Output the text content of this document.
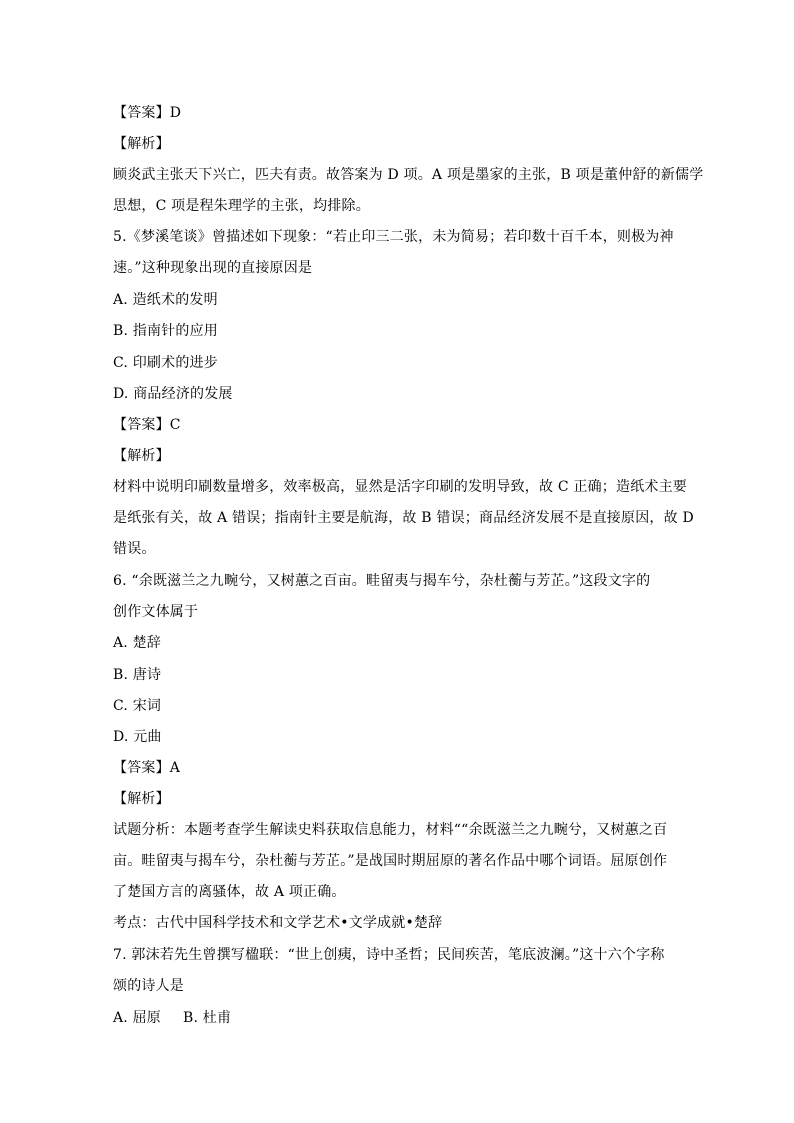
【答案】D
【解析】
顾炎武主张天下兴亡，匹夫有责。故答案为 D 项。A 项是墨家的主张，B 项是董仲舒的新儒学
思想，C 项是程朱理学的主张，均排除。
5.《梦溪笔谈》曾描述如下现象：“若止印三二张，未为简易；若印数十百千本，则极为神
速。”这种现象出现的直接原因是
A. 造纸术的发明
B. 指南针的应用
C. 印刷术的进步
D. 商品经济的发展
【答案】C
【解析】
材料中说明印刷数量增多，效率极高，显然是活字印刷的发明导致，故 C 正确；造纸术主要
是纸张有关，故 A 错误；指南针主要是航海，故 B 错误；商品经济发展不是直接原因，故 D
错误。
6. “余既滋兰之九畹兮，又树蕙之百亩。畦留夷与揭车兮，杂杜蘅与芳芷。”这段文字的
创作文体属于
A. 楚辞
B. 唐诗
C. 宋词
D. 元曲
【答案】A
【解析】
试题分析：本题考查学生解读史料获取信息能力，材料““余既滋兰之九畹兮，又树蕙之百
亩。畦留夷与揭车兮，杂杜蘅与芳芷。”是战国时期屈原的著名作品中哪个词语。屈原创作
了楚国方言的离骚体，故 A 项正确。
考点：古代中国科学技术和文学艺术•文学成就•楚辞
7. 郭沫若先生曾撰写楹联：“世上创痍，诗中圣哲；民间疾苦，笔底波澜。”这十六个字称
颂的诗人是
A. 屈原 B. 杜甫
